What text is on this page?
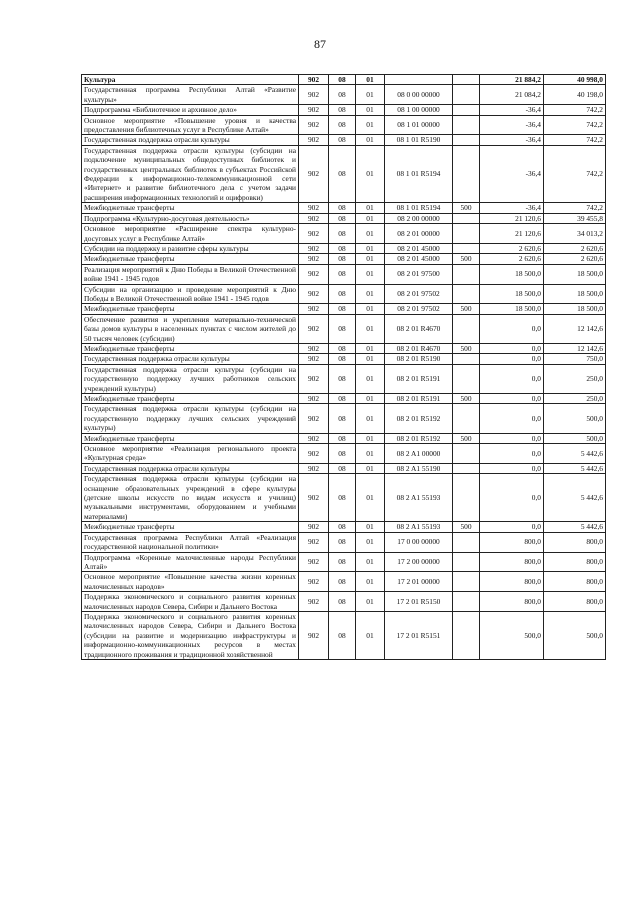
87
Культура	902	08	01			21 884,2	40 998,0
Государственная программа Республики Алтай «Развитие культуры»	902	08	01	08 0 00 00000		21 084,2	40 198,0
Подпрограмма «Библиотечное и архивное дело»	902	08	01	08 1 00 00000		-36,4	742,2
Основное мероприятие «Повышение уровня и качества предоставления библиотечных услуг в Республике Алтай»	902	08	01	08 1 01 00000		-36,4	742,2
Государственная поддержка отрасли культуры	902	08	01	08 1 01 R5190		-36,4	742,2
Государственная поддержка отрасли культуры (субсидии на подключение муниципальных общедоступных библиотек и государственных центральных библиотек в субъектах Российской Федерации к информационно-телекоммуникационной сети «Интернет» и развитие библиотечного дела с учетом задачи расширения информационных технологий и оцифровки)	902	08	01	08 1 01 R5194		-36,4	742,2
Межбюджетные трансферты	902	08	01	08 1 01 R5194	500	-36,4	742,2
Подпрограмма «Культурно-досуговая деятельность»	902	08	01	08 2 00 00000		21 120,6	39 455,8
Основное мероприятие «Расширение спектра культурно-досуговых услуг в Республике Алтай»	902	08	01	08 2 01 00000		21 120,6	34 013,2
Субсидии на поддержку и развитие сферы культуры	902	08	01	08 2 01 45000		2 620,6	2 620,6
Межбюджетные трансферты	902	08	01	08 2 01 45000	500	2 620,6	2 620,6
Реализация мероприятий к Дню Победы в Великой Отечественной войне 1941 - 1945 годов	902	08	01	08 2 01 97500		18 500,0	18 500,0
Субсидии на организацию и проведение мероприятий к Дню Победы в Великой Отечественной войне 1941 - 1945 годов	902	08	01	08 2 01 97502		18 500,0	18 500,0
Межбюджетные трансферты	902	08	01	08 2 01 97502	500	18 500,0	18 500,0
Обеспечение развития и укрепления материально-технической базы домов культуры в населенных пунктах с числом жителей до 50 тысяч человек (субсидии)	902	08	01	08 2 01 R4670		0,0	12 142,6
Межбюджетные трансферты	902	08	01	08 2 01 R4670	500	0,0	12 142,6
Государственная поддержка отрасли культуры	902	08	01	08 2 01 R5190		0,0	750,0
Государственная поддержка отрасли культуры (субсидии на государственную поддержку лучших работников сельских учреждений культуры)	902	08	01	08 2 01 R5191		0,0	250,0
Межбюджетные трансферты	902	08	01	08 2 01 R5191	500	0,0	250,0
Государственная поддержка отрасли культуры (субсидии на государственную поддержку лучших сельских учреждений культуры)	902	08	01	08 2 01 R5192		0,0	500,0
Межбюджетные трансферты	902	08	01	08 2 01 R5192	500	0,0	500,0
Основное мероприятие «Реализация регионального проекта «Культурная среда»	902	08	01	08 2 A1 00000		0,0	5 442,6
Государственная поддержка отрасли культуры	902	08	01	08 2 A1 55190		0,0	5 442,6
Государственная поддержка отрасли культуры (субсидии на оснащение образовательных учреждений в сфере культуры (детские школы искусств по видам искусств и училищ) музыкальными инструментами, оборудованием и учебными материалами)	902	08	01	08 2 A1 55193		0,0	5 442,6
Межбюджетные трансферты	902	08	01	08 2 A1 55193	500	0,0	5 442,6
Государственная программа Республики Алтай «Реализация государственной национальной политики»	902	08	01	17 0 00 00000		800,0	800,0
Подпрограмма «Коренные малочисленные народы Республики Алтай»	902	08	01	17 2 00 00000		800,0	800,0
Основное мероприятие «Повышение качества жизни коренных малочисленных народов»	902	08	01	17 2 01 00000		800,0	800,0
Поддержка экономического и социального развития коренных малочисленных народов Севера, Сибири и Дальнего Востока	902	08	01	17 2 01 R5150		800,0	800,0
Поддержка экономического и социального развития коренных малочисленных народов Севера, Сибири и Дальнего Востока (субсидии на развитие и модернизацию инфраструктуры и информационно-коммуникационных ресурсов в местах традиционного проживания и традиционной хозяйственной	902	08	01	17 2 01 R5151		500,0	500,0
